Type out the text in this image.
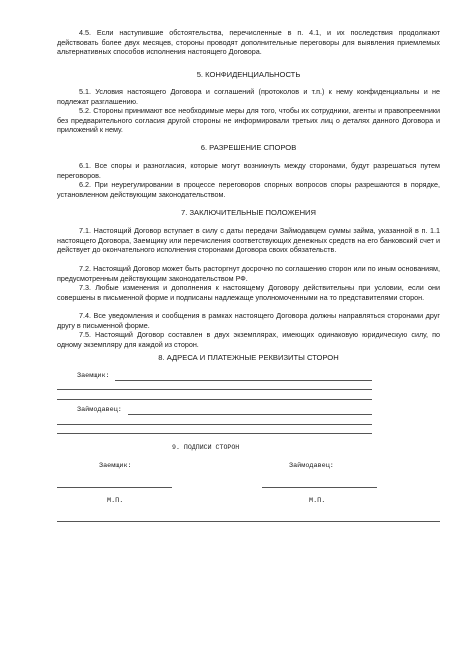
4.5. Если наступившие обстоятельства, перечисленные в п. 4.1, и их последствия продолжают действовать более двух месяцев, стороны проводят дополнительные переговоры для выявления приемлемых альтернативных способов исполнения настоящего Договора.
5. КОНФИДЕНЦИАЛЬНОСТЬ
5.1. Условия настоящего Договора и соглашений (протоколов и т.п.) к нему конфиденциальны и не подлежат разглашению.
5.2. Стороны принимают все необходимые меры для того, чтобы их сотрудники, агенты и правопреемники без предварительного согласия другой стороны не информировали третьих лиц о деталях данного Договора и приложений к нему.
6. РАЗРЕШЕНИЕ СПОРОВ
6.1. Все споры и разногласия, которые могут возникнуть между сторонами, будут разрешаться путем переговоров.
6.2. При неурегулировании в процессе переговоров спорных вопросов споры разрешаются в порядке, установленном действующим законодательством.
7. ЗАКЛЮЧИТЕЛЬНЫЕ ПОЛОЖЕНИЯ
7.1. Настоящий Договор вступает в силу с даты передачи Займодавцем суммы займа, указанной в п. 1.1 настоящего Договора, Заемщику или перечисления соответствующих денежных средств на его банковский счет и действует до окончательного исполнения сторонами Договора своих обязательств.
7.2. Настоящий Договор может быть расторгнут досрочно по соглашению сторон или по иным основаниям, предусмотренным действующим законодательством РФ.
7.3. Любые изменения и дополнения к настоящему Договору действительны при условии, если они совершены в письменной форме и подписаны надлежаще уполномоченными на то представителями сторон.
7.4. Все уведомления и сообщения в рамках настоящего Договора должны направляться сторонами друг другу в письменной форме.
7.5. Настоящий Договор составлен в двух экземплярах, имеющих одинаковую юридическую силу, по одному экземпляру для каждой из сторон.
8. АДРЕСА И ПЛАТЕЖНЫЕ РЕКВИЗИТЫ СТОРОН
Заемщик:
Займодавец:
9. ПОДПИСИ СТОРОН
Заемщик:	Займодавец:
М.П.	М.П.
